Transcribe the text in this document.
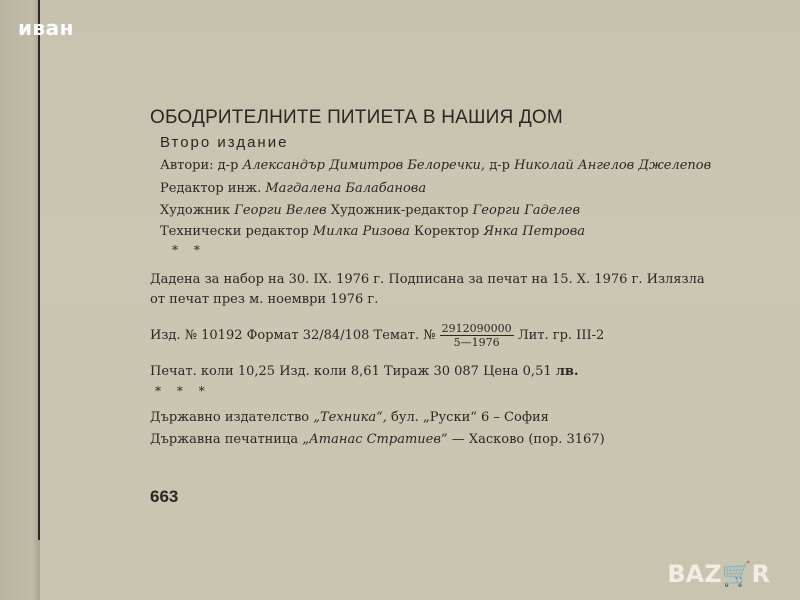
иван
ОБОДРИТЕЛНИТЕ ПИТИЕТА В НАШИЯ ДОМ
Второ издание
Автори: д-р Александър Димитров Белоречки, д-р Николай Ангелов Джелепов
Редактор инж. Магдалена Балабанова
Художник Георги Велев Художник-редактор Георги Гаделев
Технически редактор Милка Ризова Коректор Янка Петрова
* *
Дадена за набор на 30. IX. 1976 г. Подписана за печат на 15. X. 1976 г. Излязла
от печат през м. ноември 1976 г.
Изд. № 10192 Формат 32/84/108 Темат. № $\frac{2912090000}{5—1976}$ Лит. гр. III-2
Печат. коли 10,25 Изд. коли 8,61 Тираж 30 087 Цена 0,51 лв.
* * *
Държавно издателство „Техника“, бул. „Руски“ 6 – София
Държавна печатница „Атанас Стратиев“ — Хасково (пор. 3167)
663
BAZ🛒R
